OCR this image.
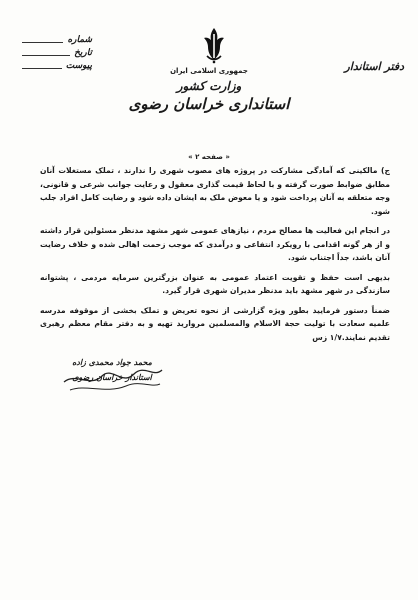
دفتر استاندار
شماره
تاریخ
پیوست
جمهوری اسلامی ایران
وزارت کشور
استانداری خراسان رضوی
« صفحه ۲ »

ج) مالکینی که آمادگی مشارکت در پروژه های مصوب شهری را ندارند ، تملک مستغلات آنان مطابق ضوابط صورت گرفته و با لحاظ قیمت گذاری معقول و رعایت جوانب شرعی و قانونی، وجه متعلقه به آنان پرداخت شود و یا معوض ملک به ایشان داده شود و رضایت کامل افراد جلب شود.

در انجام این فعالیت ها مصالح مردم ، نیازهای عمومی شهر مشهد مدنظر مسئولین قرار داشته و از هر گونه اقدامی با رویکرد انتفاعی و درآمدی که موجب زحمت اهالی شده و خلاف رضایت آنان باشد، جداً اجتناب شود.

بدیهی است حفظ و تقویت اعتماد عمومی به عنوان بزرگترین سرمایه مردمی ، پشتوانه سازندگی در شهر مشهد باید مدنظر مدیران شهری قرار گیرد.

ضمناً دستور فرمایید بطور ویژه گزارشی از نحوه تعریض و تملک بخشی از موقوفه مدرسه علمیه سعادت با تولیت حجة الاسلام والمسلمین مروارید تهیه و به دفتر مقام معظم رهبری تقدیم نمایند.۱/۷ زس

محمد جواد محمدی زاده
استاندار خراسان رضوی
